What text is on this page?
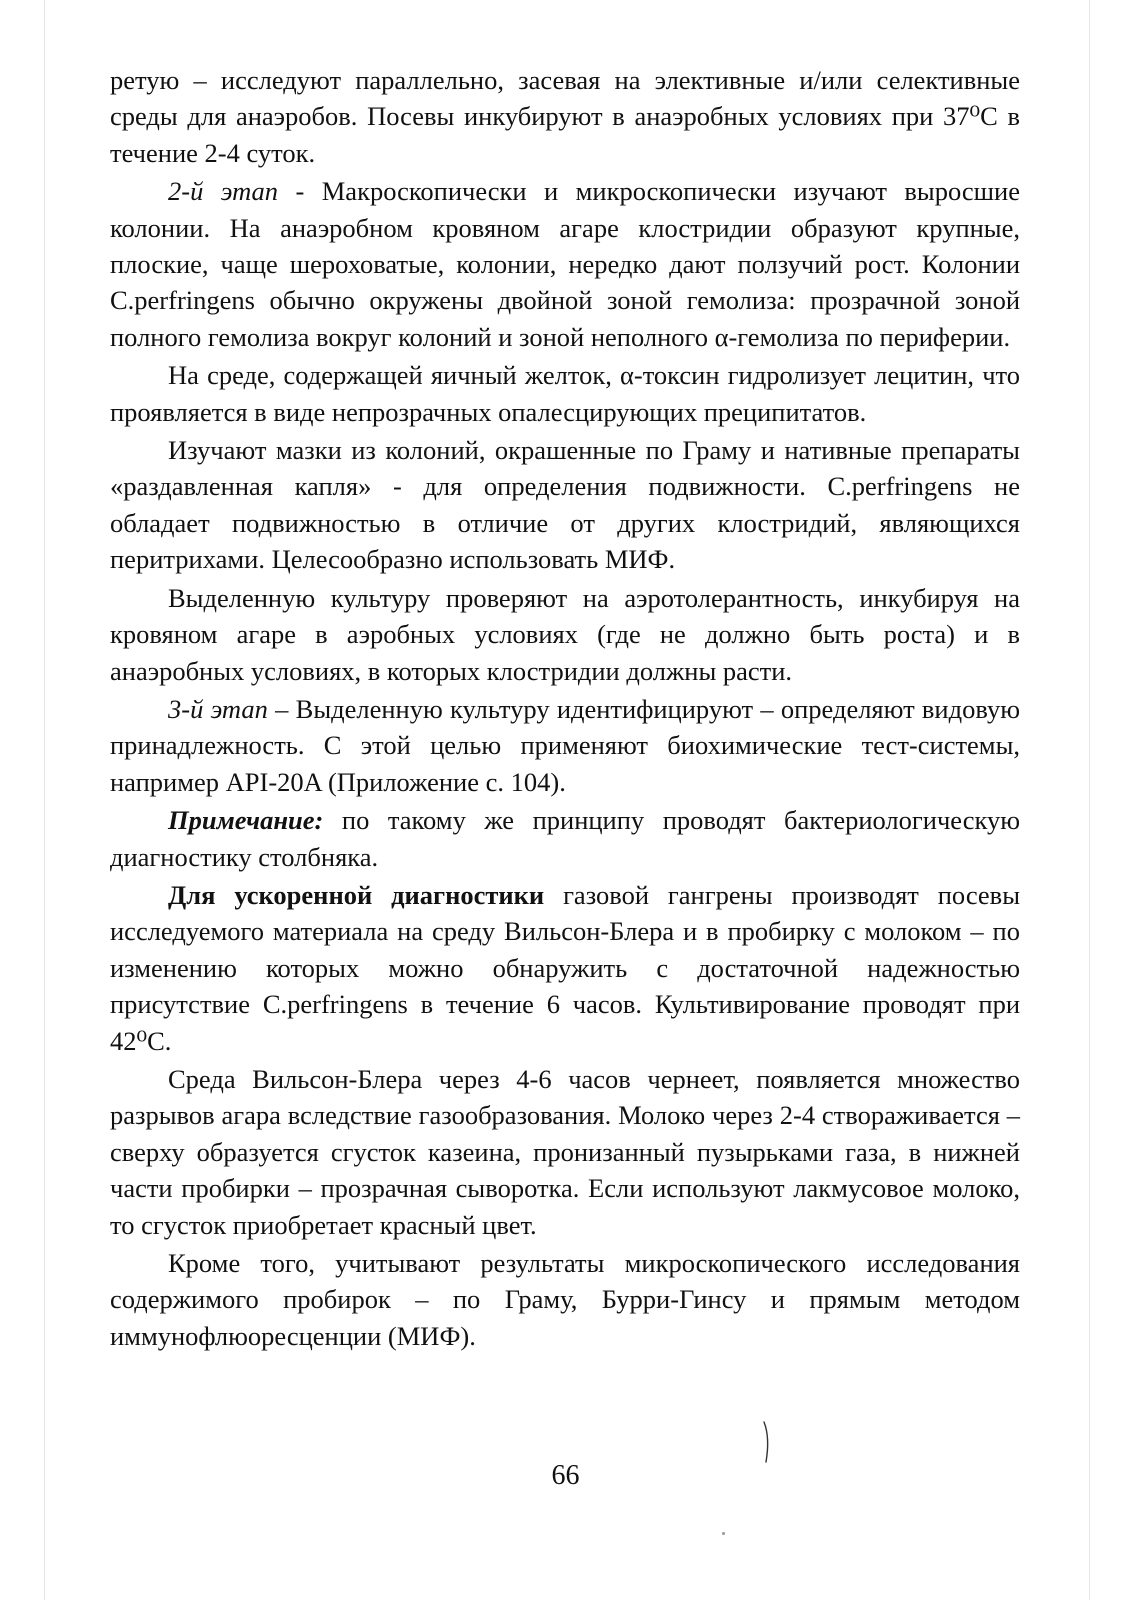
ретую – исследуют параллельно, засевая на элективные и/или селективные среды для анаэробов. Посевы инкубируют в анаэробных условиях при 37⁰С в течение 2-4 суток.

2-й этап - Макроскопически и микроскопически изучают выросшие колонии. На анаэробном кровяном агаре клостридии образуют крупные, плоские, чаще шероховатые, колонии, нередко дают ползучий рост. Колонии C.perfringens обычно окружены двойной зоной гемолиза: прозрачной зоной полного гемолиза вокруг колоний и зоной неполного α-гемолиза по периферии.

На среде, содержащей яичный желток, α-токсин гидролизует лецитин, что проявляется в виде непрозрачных опалесцирующих преципитатов.

Изучают мазки из колоний, окрашенные по Граму и нативные препараты «раздавленная капля» - для определения подвижности. C.perfringens не обладает подвижностью в отличие от других клостридий, являющихся перитрихами. Целесообразно использовать МИФ.

Выделенную культуру проверяют на аэротолерантность, инкубируя на кровяном агаре в аэробных условиях (где не должно быть роста) и в анаэробных условиях, в которых клостридии должны расти.

3-й этап – Выделенную культуру идентифицируют – определяют видовую принадлежность. С этой целью применяют биохимические тест-системы, например API-20A (Приложение с. 104).

Примечание: по такому же принципу проводят бактериологическую диагностику столбняка.

Для ускоренной диагностики газовой гангрены производят посевы исследуемого материала на среду Вильсон-Блера и в пробирку с молоком – по изменению которых можно обнаружить с достаточной надежностью присутствие C.perfringens в течение 6 часов. Культивирование проводят при 42⁰С.

Среда Вильсон-Блера через 4-6 часов чернеет, появляется множество разрывов агара вследствие газообразования. Молоко через 2-4 створаживается – сверху образуется сгусток казеина, пронизанный пузырьками газа, в нижней части пробирки – прозрачная сыворотка. Если используют лакмусовое молоко, то сгусток приобретает красный цвет.

Кроме того, учитывают результаты микроскопического исследования содержимого пробирок – по Граму, Бурри-Гинсу и прямым методом иммунофлюоресценции (МИФ).

66
